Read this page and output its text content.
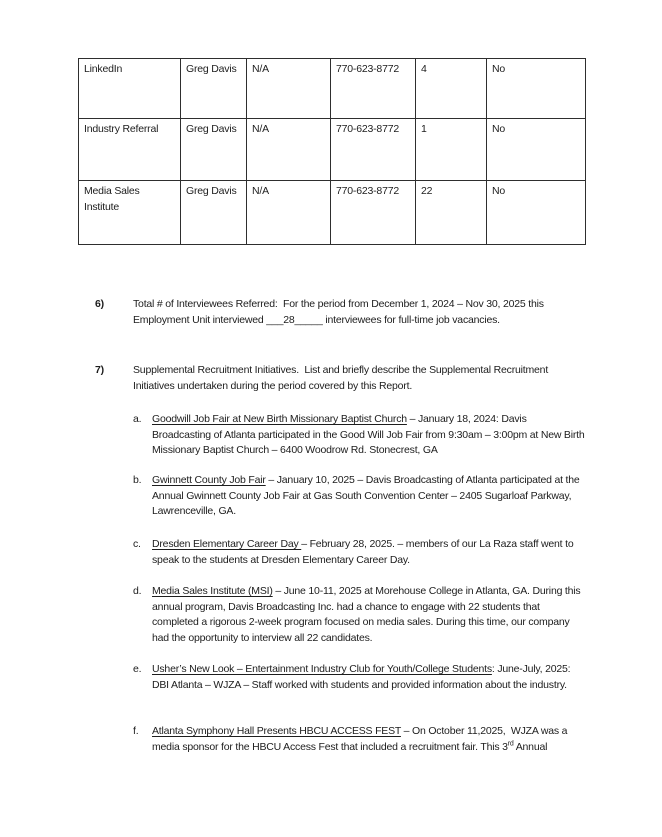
LinkedIn	Greg Davis	N/A	770-623-8772	4	No
Industry Referral	Greg Davis	N/A	770-623-8772	1	No
Media Sales Institute	Greg Davis	N/A	770-623-8772	22	No
6)	Total # of Interviewees Referred:  For the period from December 1, 2024 – Nov 30, 2025 this Employment Unit interviewed ___28_____ interviewees for full-time job vacancies.
7)	Supplemental Recruitment Initiatives.  List and briefly describe the Supplemental Recruitment Initiatives undertaken during the period covered by this Report.
a. Goodwill Job Fair at New Birth Missionary Baptist Church – January 18, 2024: Davis Broadcasting of Atlanta participated in the Good Will Job Fair from 9:30am – 3:00pm at New Birth Missionary Baptist Church – 6400 Woodrow Rd. Stonecrest, GA
b. Gwinnett County Job Fair – January 10, 2025 – Davis Broadcasting of Atlanta participated at the Annual Gwinnett County Job Fair at Gas South Convention Center – 2405 Sugarloaf Parkway, Lawrenceville, GA.
c. Dresden Elementary Career Day – February 28, 2025. – members of our La Raza staff went to speak to the students at Dresden Elementary Career Day.
d. Media Sales Institute (MSI) – June 10-11, 2025 at Morehouse College in Atlanta, GA. During this annual program, Davis Broadcasting Inc. had a chance to engage with 22 students that completed a rigorous 2-week program focused on media sales. During this time, our company had the opportunity to interview all 22 candidates.
e. Usher’s New Look – Entertainment Industry Club for Youth/College Students: June-July, 2025: DBI Atlanta – WJZA – Staff worked with students and provided information about the industry.
f. Atlanta Symphony Hall Presents HBCU ACCESS FEST – On October 11,2025,  WJZA was a media sponsor for the HBCU Access Fest that included a recruitment fair. This 3rd Annual
